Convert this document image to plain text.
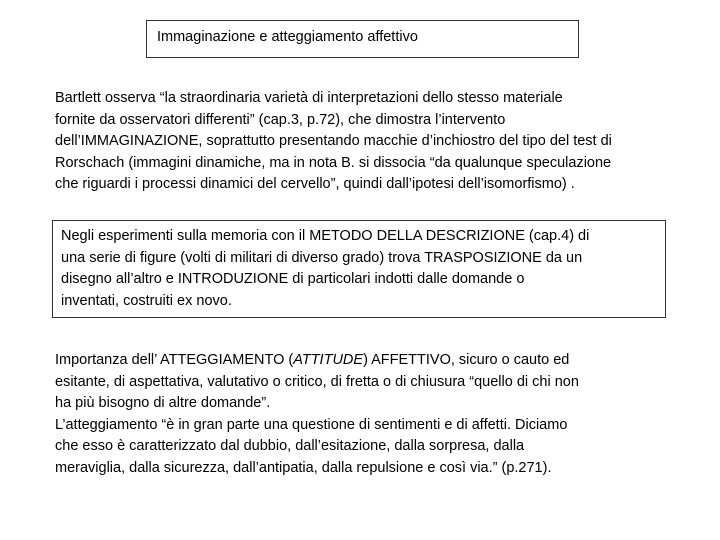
Immaginazione e atteggiamento affettivo
Bartlett osserva “la straordinaria varietà di interpretazioni dello stesso materiale
fornite da osservatori differenti” (cap.3, p.72), che dimostra l’intervento
dell’IMMAGINAZIONE, soprattutto presentando macchie d’inchiostro del tipo del test di
Rorschach (immagini dinamiche, ma in nota B. si dissocia “da qualunque speculazione
che riguardi i processi dinamici del cervello”, quindi dall’ipotesi dell’isomorfismo) .
Negli esperimenti sulla memoria con il METODO DELLA DESCRIZIONE (cap.4) di
una serie di figure (volti di militari di diverso grado) trova TRASPOSIZIONE da un
disegno all’altro e INTRODUZIONE di particolari indotti dalle domande o
inventati, costruiti ex novo.
Importanza dell’ ATTEGGIAMENTO (ATTITUDE) AFFETTIVO, sicuro o cauto ed
esitante, di aspettativa, valutativo o critico, di fretta o di chiusura “quello di chi non
ha più bisogno di altre domande”.
L’atteggiamento “è in gran parte una questione di sentimenti e di affetti. Diciamo
che esso è caratterizzato dal dubbio, dall’esitazione, dalla sorpresa, dalla
meraviglia, dalla sicurezza, dall’antipatia, dalla repulsione e così via.” (p.271).
